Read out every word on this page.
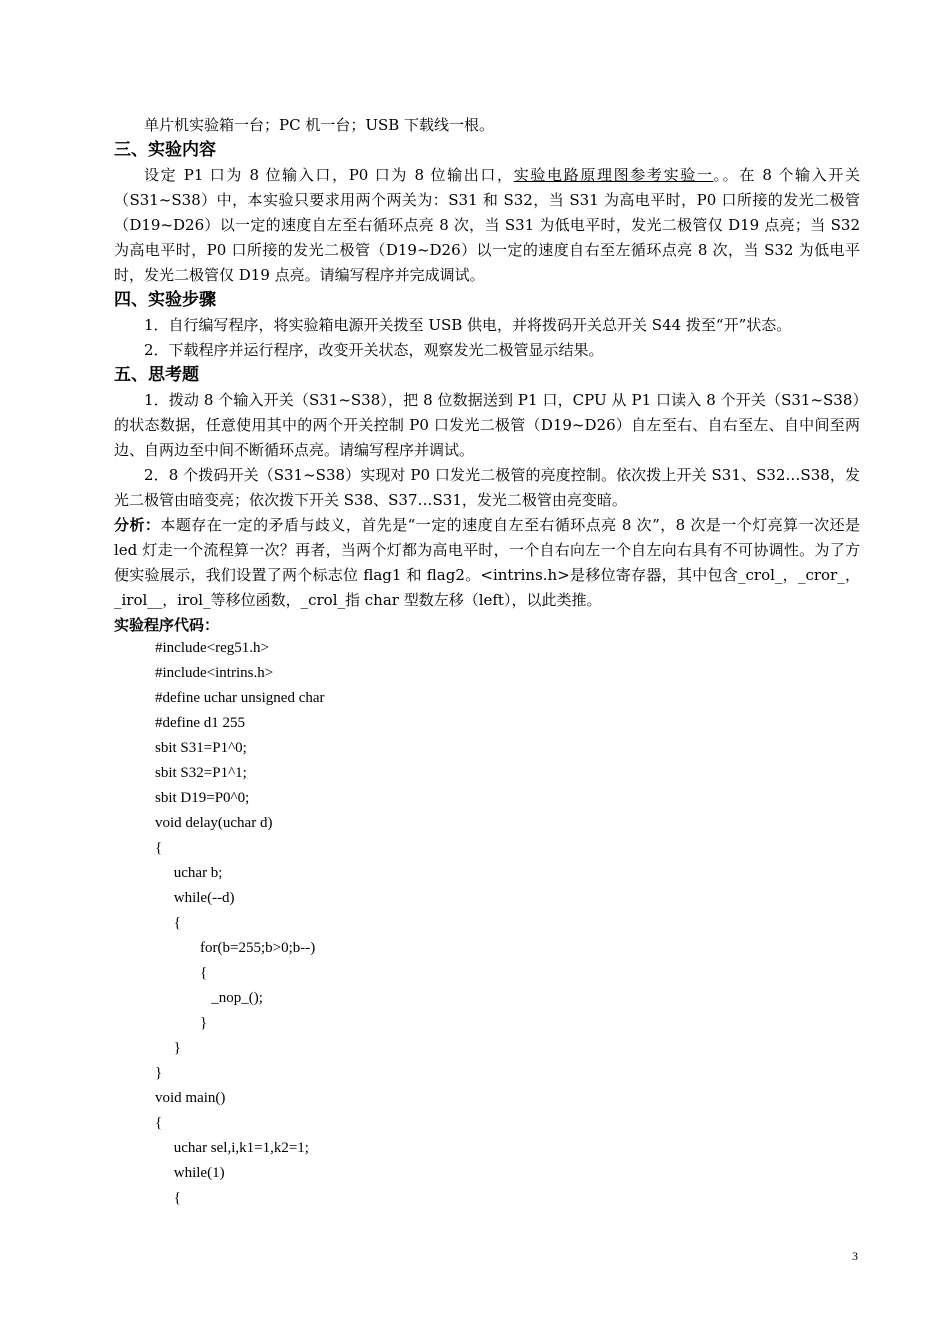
单片机实验箱一台；PC 机一台；USB 下载线一根。

三、实验内容

设定 P1 口为 8 位输入口，P0 口为 8 位输出口，实验电路原理图参考实验一。。在 8 个输入开关（S31~S38）中，本实验只要求用两个两关为：S31 和 S32，当 S31 为高电平时，P0 口所接的发光二极管（D19~D26）以一定的速度自左至右循环点亮 8 次，当 S31 为低电平时，发光二极管仅 D19 点亮；当 S32 为高电平时，P0 口所接的发光二极管（D19~D26）以一定的速度自右至左循环点亮 8 次，当 S32 为低电平时，发光二极管仅 D19 点亮。请编写程序并完成调试。

四、实验步骤

1．自行编写程序，将实验箱电源开关拨至 USB 供电，并将拨码开关总开关 S44 拨至“开”状态。

2．下载程序并运行程序，改变开关状态，观察发光二极管显示结果。

五、思考题

1．拨动 8 个输入开关（S31~S38），把 8 位数据送到 P1 口，CPU 从 P1 口读入 8 个开关（S31~S38）的状态数据，任意使用其中的两个开关控制 P0 口发光二极管（D19~D26）自左至右、自右至左、自中间至两边、自两边至中间不断循环点亮。请编写程序并调试。

2．8 个拨码开关（S31~S38）实现对 P0 口发光二极管的亮度控制。依次拨上开关 S31、S32…S38，发光二极管由暗变亮；依次拨下开关 S38、S37…S31，发光二极管由亮变暗。

分析：本题存在一定的矛盾与歧义，首先是“一定的速度自左至右循环点亮 8 次”，8 次是一个灯亮算一次还是 led 灯走一个流程算一次？再者，当两个灯都为高电平时，一个自右向左一个自左向右具有不可协调性。为了方便实验展示，我们设置了两个标志位 flag1 和 flag2。<intrins.h>是移位寄存器，其中包含_crol_，_cror_，_irol__，irol_等移位函数，_crol_指 char 型数左移（left），以此类推。

实验程序代码：

#include<reg51.h>
#include<intrins.h>
#define uchar unsigned char
#define d1 255
sbit S31=P1^0;
sbit S32=P1^1;
sbit D19=P0^0;
void delay(uchar d)
{
uchar b;
while(--d)
{
for(b=255;b>0;b--)
{
_nop_();
}
}
}
void main()
{
uchar sel,i,k1=1,k2=1;
while(1)
{
3
